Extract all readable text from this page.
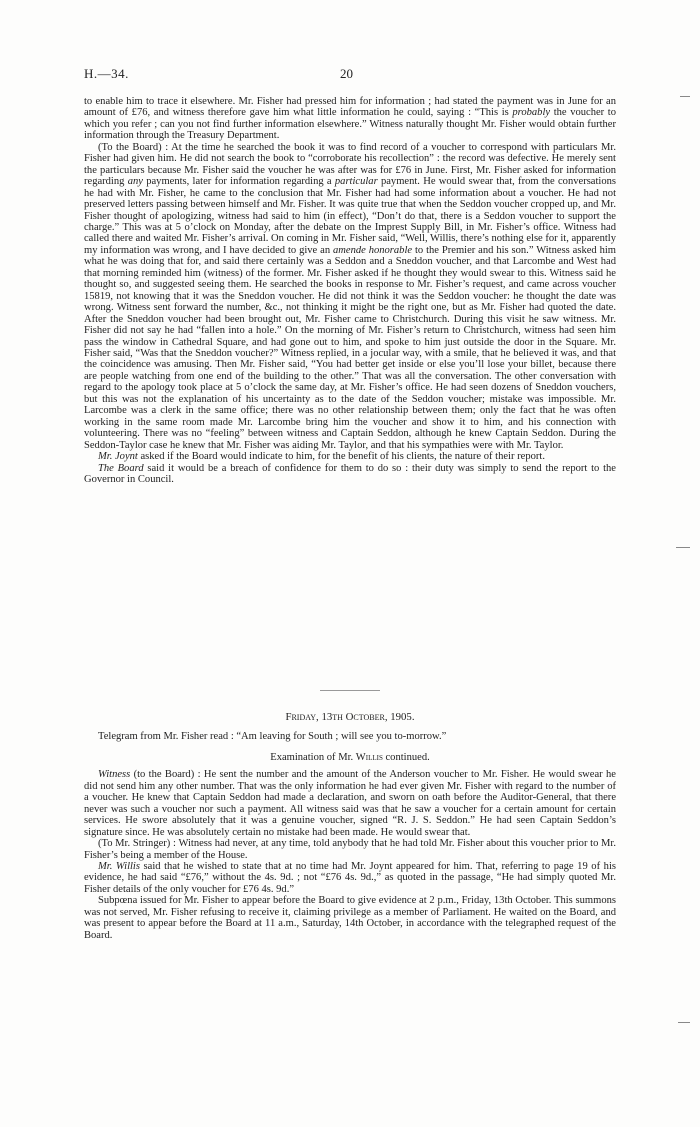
H.—34.	20

to enable him to trace it elsewhere. Mr. Fisher had pressed him for information ; had stated the payment was in June for an amount of £76, and witness therefore gave him what little information he could, saying : “This is probably the voucher to which you refer ; can you not find further information elsewhere.” Witness naturally thought Mr. Fisher would obtain further information through the Treasury Department.

(To the Board) : At the time he searched the book it was to find record of a voucher to correspond with particulars Mr. Fisher had given him. He did not search the book to “corroborate his recollection” : the record was defective. He merely sent the particulars because Mr. Fisher said the voucher he was after was for £76 in June. First, Mr. Fisher asked for information regarding any payments, later for information regarding a particular payment. He would swear that, from the conversations he had with Mr. Fisher, he came to the conclusion that Mr. Fisher had had some information about a voucher. He had not preserved letters passing between himself and Mr. Fisher. It was quite true that when the Seddon voucher cropped up, and Mr. Fisher thought of apologizing, witness had said to him (in effect), “Don’t do that, there is a Seddon voucher to support the charge.” This was at 5 o’clock on Monday, after the debate on the Imprest Supply Bill, in Mr. Fisher’s office. Witness had called there and waited Mr. Fisher’s arrival. On coming in Mr. Fisher said, “Well, Willis, there’s nothing else for it, apparently my information was wrong, and I have decided to give an amende honorable to the Premier and his son.” Witness asked him what he was doing that for, and said there certainly was a Seddon and a Sneddon voucher, and that Larcombe and West had that morning reminded him (witness) of the former. Mr. Fisher asked if he thought they would swear to this. Witness said he thought so, and suggested seeing them. He searched the books in response to Mr. Fisher’s request, and came across voucher 15819, not knowing that it was the Sneddon voucher. He did not think it was the Seddon voucher: he thought the date was wrong. Witness sent forward the number, &c., not thinking it might be the right one, but as Mr. Fisher had quoted the date. After the Sneddon voucher had been brought out, Mr. Fisher came to Christchurch. During this visit he saw witness. Mr. Fisher did not say he had “fallen into a hole.” On the morning of Mr. Fisher’s return to Christchurch, witness had seen him pass the window in Cathedral Square, and had gone out to him, and spoke to him just outside the door in the Square. Mr. Fisher said, “Was that the Sneddon voucher?” Witness replied, in a jocular way, with a smile, that he believed it was, and that the coincidence was amusing. Then Mr. Fisher said, “You had better get inside or else you’ll lose your billet, because there are people watching from one end of the building to the other.” That was all the conversation. The other conversation with regard to the apology took place at 5 o’clock the same day, at Mr. Fisher’s office. He had seen dozens of Sneddon vouchers, but this was not the explanation of his uncertainty as to the date of the Seddon voucher; mistake was impossible. Mr. Larcombe was a clerk in the same office; there was no other relationship between them; only the fact that he was often working in the same room made Mr. Larcombe bring him the voucher and show it to him, and his connection with volunteering. There was no “feeling” between witness and Captain Seddon, although he knew Captain Seddon. During the Seddon-Taylor case he knew that Mr. Fisher was aiding Mr. Taylor, and that his sympathies were with Mr. Taylor.

Mr. Joynt asked if the Board would indicate to him, for the benefit of his clients, the nature of their report.

The Board said it would be a breach of confidence for them to do so : their duty was simply to send the report to the Governor in Council.

Friday, 13th October, 1905.

Telegram from Mr. Fisher read : “Am leaving for South ; will see you to-morrow.”

Examination of Mr. Willis continued.

Witness (to the Board) : He sent the number and the amount of the Anderson voucher to Mr. Fisher. He would swear he did not send him any other number. That was the only information he had ever given Mr. Fisher with regard to the number of a voucher. He knew that Captain Seddon had made a declaration, and sworn on oath before the Auditor-General, that there never was such a voucher nor such a payment. All witness said was that he saw a voucher for a certain amount for certain services. He swore absolutely that it was a genuine voucher, signed “R. J. S. Seddon.” He had seen Captain Seddon’s signature since. He was absolutely certain no mistake had been made. He would swear that.

(To Mr. Stringer) : Witness had never, at any time, told anybody that he had told Mr. Fisher about this voucher prior to Mr. Fisher’s being a member of the House.

Mr. Willis said that he wished to state that at no time had Mr. Joynt appeared for him. That, referring to page 19 of his evidence, he had said “£76,” without the 4s. 9d. ; not “£76 4s. 9d.,” as quoted in the passage, “He had simply quoted Mr. Fisher details of the only voucher for £76 4s. 9d.”

Subpœna issued for Mr. Fisher to appear before the Board to give evidence at 2 p.m., Friday, 13th October. This summons was not served, Mr. Fisher refusing to receive it, claiming privilege as a member of Parliament. He waited on the Board, and was present to appear before the Board at 11 a.m., Saturday, 14th October, in accordance with the telegraphed request of the Board.
